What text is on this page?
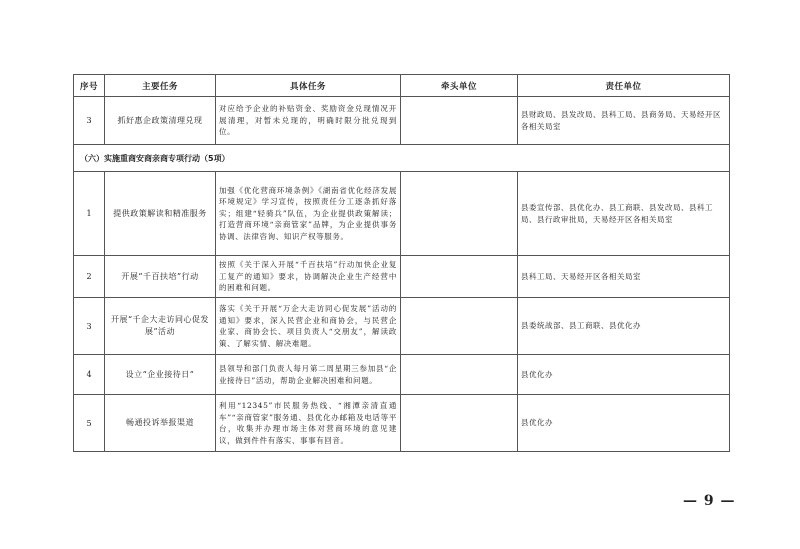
序号	主要任务	具体任务	牵头单位	责任单位
3	抓好惠企政策清理兑现	对应给予企业的补贴资金、奖励资金兑现情况开展清理，对暂未兑现的，明确时限分批兑现到位。		县财政局、县发改局、县科工局、县商务局、天易经开区各相关局室
（六）实施重商安商亲商专项行动（5项）				
1	提供政策解读和精准服务	加强《优化营商环境条例》《湖南省优化经济发展环境规定》学习宣传，按照责任分工逐条抓好落实；组建“轻骑兵”队伍，为企业提供政策解读；打造营商环境“亲商管家”品牌，为企业提供事务协调、法律咨询、知识产权等服务。		县委宣传部、县优化办、县工商联、县发改局、县科工局、县行政审批局，天易经开区各相关局室
2	开展“千百扶培”行动	按照《关于深入开展“千百扶培”行动加快企业复工复产的通知》要求，协调解决企业生产经营中的困难和问题。		县科工局、天易经开区各相关局室
3	开展“千企大走访同心促发展”活动	落实《关于开展“万企大走访同心促发展”活动的通知》要求，深入民营企业和商协会，与民营企业家、商协会长、项目负责人“交朋友”，解读政策、了解实情、解决难题。		县委统战部、县工商联、县优化办
4	设立“企业接待日”	县领导和部门负责人每月第二周星期三参加县“企业接待日”活动，帮助企业解决困难和问题。		县优化办
5	畅通投诉举报渠道	利用“12345”市民服务热线、“湘潭亲清直通车”“亲商管家”服务通、县优化办邮箱及电话等平台，收集并办理市场主体对营商环境的意见建议，做到件件有落实、事事有回音。		县优化办
— 9 —
